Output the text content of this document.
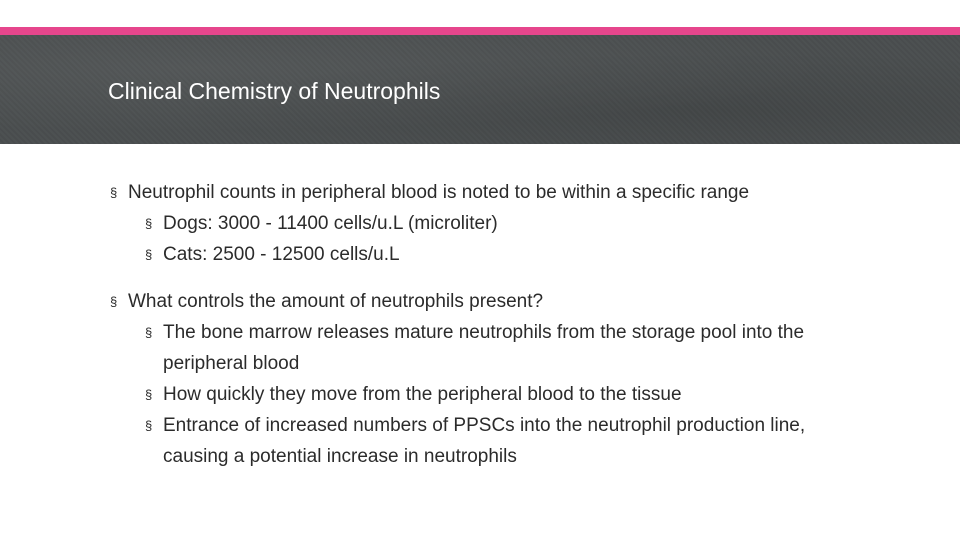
Clinical Chemistry of Neutrophils
§ Neutrophil counts in peripheral blood is noted to be within a specific range
§ Dogs: 3000 - 11400 cells/u.L (microliter)
§ Cats: 2500 - 12500 cells/u.L
§ What controls the amount of neutrophils present?
§ The bone marrow releases mature neutrophils from the storage pool into the peripheral blood
§ How quickly they move from the peripheral blood to the tissue
§ Entrance of increased numbers of PPSCs into the neutrophil production line, causing a potential increase in neutrophils
